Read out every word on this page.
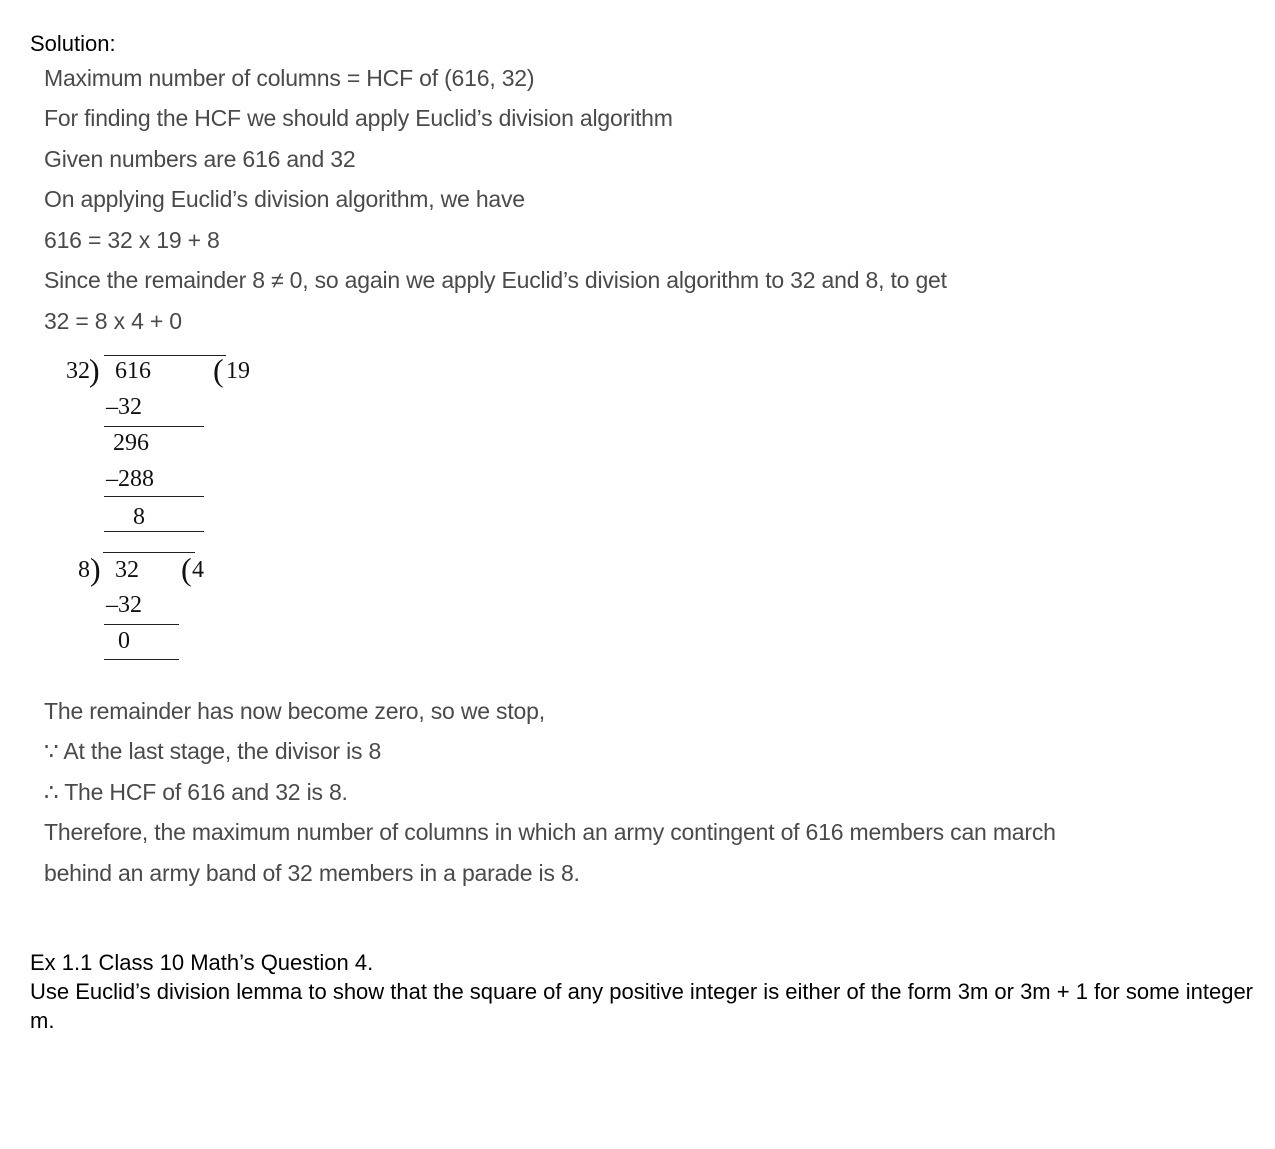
Solution:
Maximum number of columns = HCF of (616, 32)
For finding the HCF we should apply Euclid’s division algorithm
Given numbers are 616 and 32
On applying Euclid’s division algorithm, we have
616 = 32 x 19 + 8
Since the remainder 8 ≠ 0, so again we apply Euclid’s division algorithm to 32 and 8, to get
32 = 8 x 4 + 0
32 ) 616 ( 19
–32
296
–288
8
8 ) 32 ( 4
–32
0
The remainder has now become zero, so we stop,
∵ At the last stage, the divisor is 8
∴ The HCF of 616 and 32 is 8.
Therefore, the maximum number of columns in which an army contingent of 616 members can march
behind an army band of 32 members in a parade is 8.
Ex 1.1 Class 10 Math’s Question 4.
Use Euclid’s division lemma to show that the square of any positive integer is either of the form 3m or 3m + 1 for some integer m.
